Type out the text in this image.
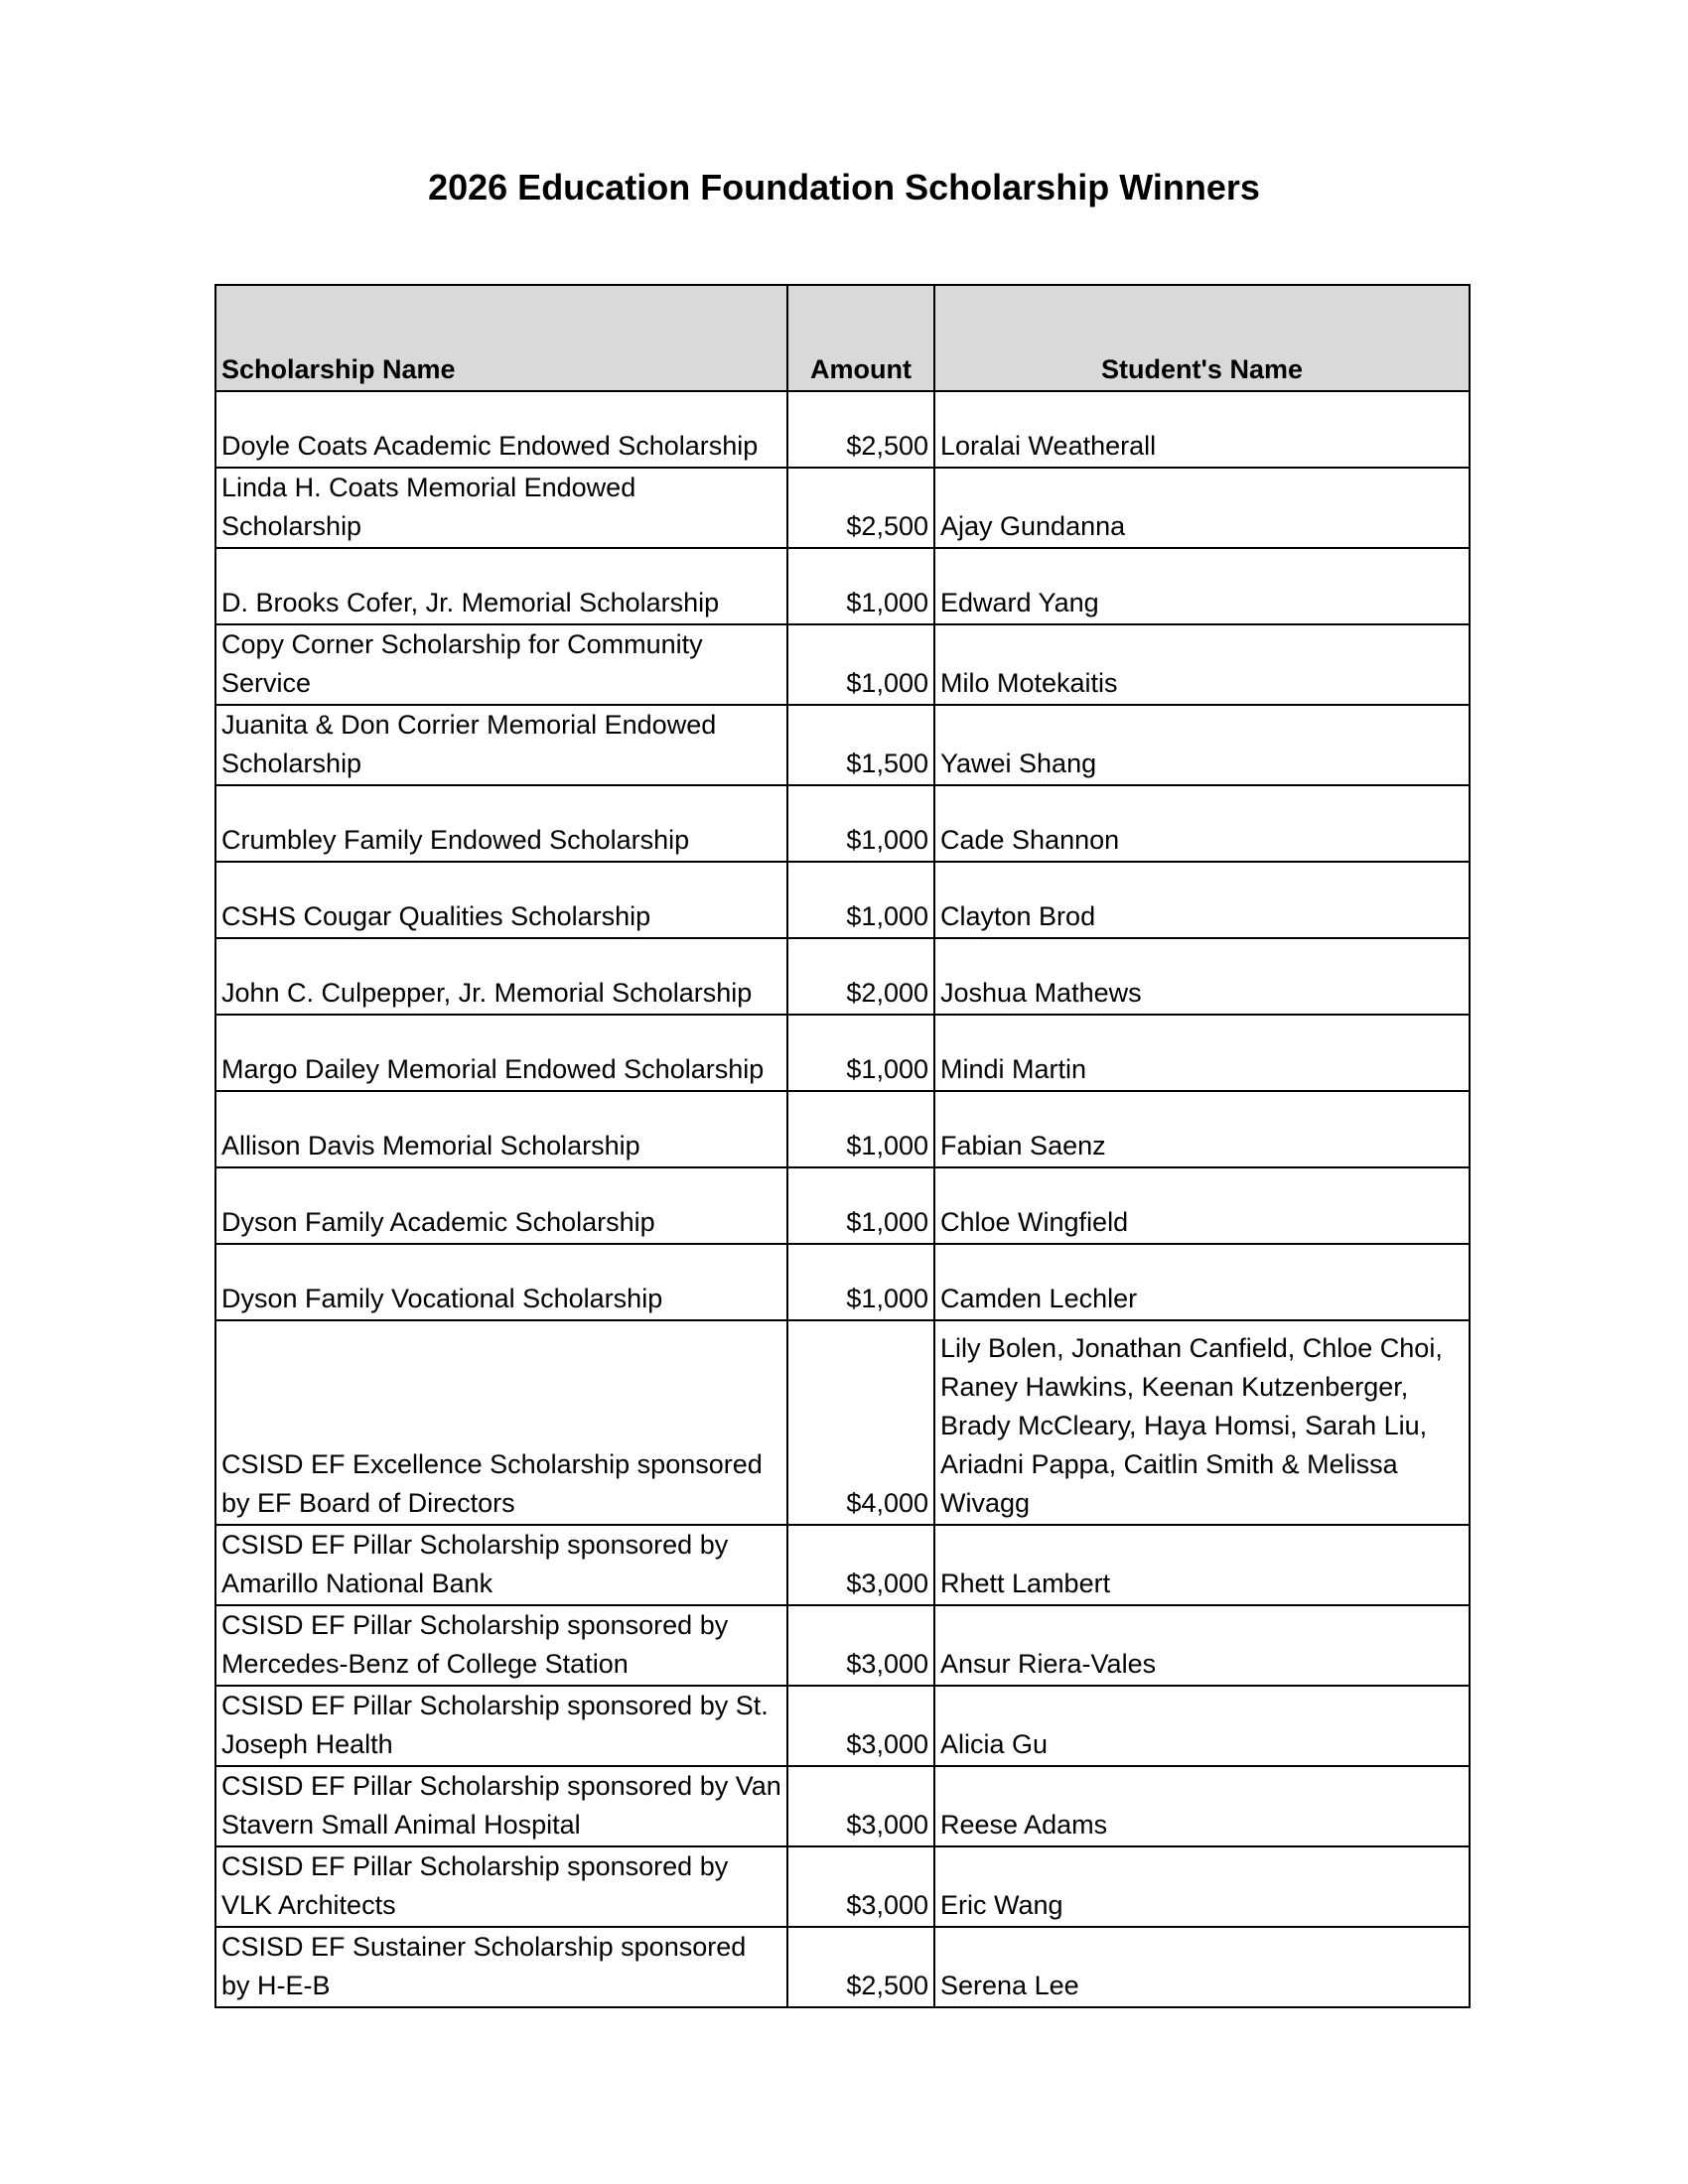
2026 Education Foundation Scholarship Winners
Scholarship Name	Amount	Student's Name
Doyle Coats Academic Endowed Scholarship	$2,500	Loralai Weatherall
Linda H. Coats Memorial Endowed Scholarship	$2,500	Ajay Gundanna
D. Brooks Cofer, Jr. Memorial Scholarship	$1,000	Edward Yang
Copy Corner Scholarship for Community Service	$1,000	Milo Motekaitis
Juanita & Don Corrier Memorial Endowed Scholarship	$1,500	Yawei Shang
Crumbley Family Endowed Scholarship	$1,000	Cade Shannon
CSHS Cougar Qualities Scholarship	$1,000	Clayton Brod
John C. Culpepper, Jr. Memorial Scholarship	$2,000	Joshua Mathews
Margo Dailey Memorial Endowed Scholarship	$1,000	Mindi Martin
Allison Davis Memorial Scholarship	$1,000	Fabian Saenz
Dyson Family Academic Scholarship	$1,000	Chloe Wingfield
Dyson Family Vocational Scholarship	$1,000	Camden Lechler
CSISD EF Excellence Scholarship sponsored by EF Board of Directors	$4,000	Lily Bolen, Jonathan Canfield, Chloe Choi, Raney Hawkins, Keenan Kutzenberger, Brady McCleary, Haya Homsi, Sarah Liu, Ariadni Pappa, Caitlin Smith & Melissa Wivagg
CSISD EF Pillar Scholarship sponsored by Amarillo National Bank	$3,000	Rhett Lambert
CSISD EF Pillar Scholarship sponsored by Mercedes-Benz of College Station	$3,000	Ansur Riera-Vales
CSISD EF Pillar Scholarship sponsored by St. Joseph Health	$3,000	Alicia Gu
CSISD EF Pillar Scholarship sponsored by Van Stavern Small Animal Hospital	$3,000	Reese Adams
CSISD EF Pillar Scholarship sponsored by VLK Architects	$3,000	Eric Wang
CSISD EF Sustainer Scholarship sponsored by H-E-B	$2,500	Serena Lee
